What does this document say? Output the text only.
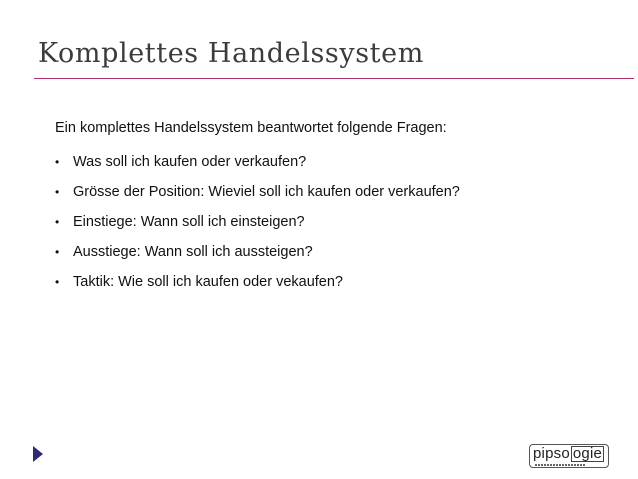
Komplettes Handelssystem

Ein komplettes Handelssystem beantwortet folgende Fragen:

• Was soll ich kaufen oder verkaufen?
• Grösse der Position: Wieviel soll ich kaufen oder verkaufen?
• Einstiege: Wann soll ich einsteigen?
• Ausstiege: Wann soll ich aussteigen?
• Taktik: Wie soll ich kaufen oder vekaufen?
pipso ogie
